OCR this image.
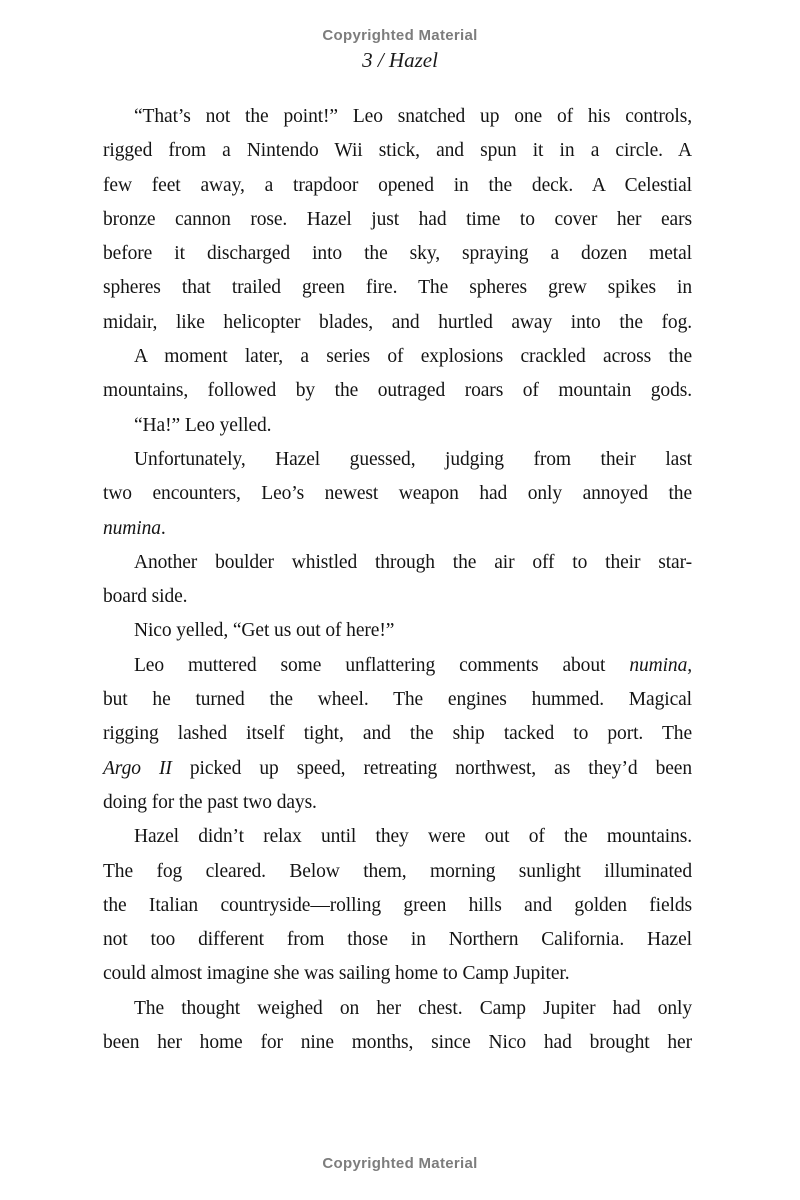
Copyrighted Material
3 / Hazel
“That’s not the point!” Leo snatched up one of his controls,
rigged from a Nintendo Wii stick, and spun it in a circle. A
few feet away, a trapdoor opened in the deck. A Celestial
bronze cannon rose. Hazel just had time to cover her ears
before it discharged into the sky, spraying a dozen metal
spheres that trailed green fire. The spheres grew spikes in
midair, like helicopter blades, and hurtled away into the fog.
A moment later, a series of explosions crackled across the
mountains, followed by the outraged roars of mountain gods.
“Ha!” Leo yelled.
Unfortunately, Hazel guessed, judging from their last
two encounters, Leo’s newest weapon had only annoyed the
numina.
Another boulder whistled through the air off to their star-
board side.
Nico yelled, “Get us out of here!”
Leo muttered some unflattering comments about numina,
but he turned the wheel. The engines hummed. Magical
rigging lashed itself tight, and the ship tacked to port. The
Argo II picked up speed, retreating northwest, as they’d been
doing for the past two days.
Hazel didn’t relax until they were out of the mountains.
The fog cleared. Below them, morning sunlight illuminated
the Italian countryside—rolling green hills and golden fields
not too different from those in Northern California. Hazel
could almost imagine she was sailing home to Camp Jupiter.
The thought weighed on her chest. Camp Jupiter had only
been her home for nine months, since Nico had brought her
Copyrighted Material
